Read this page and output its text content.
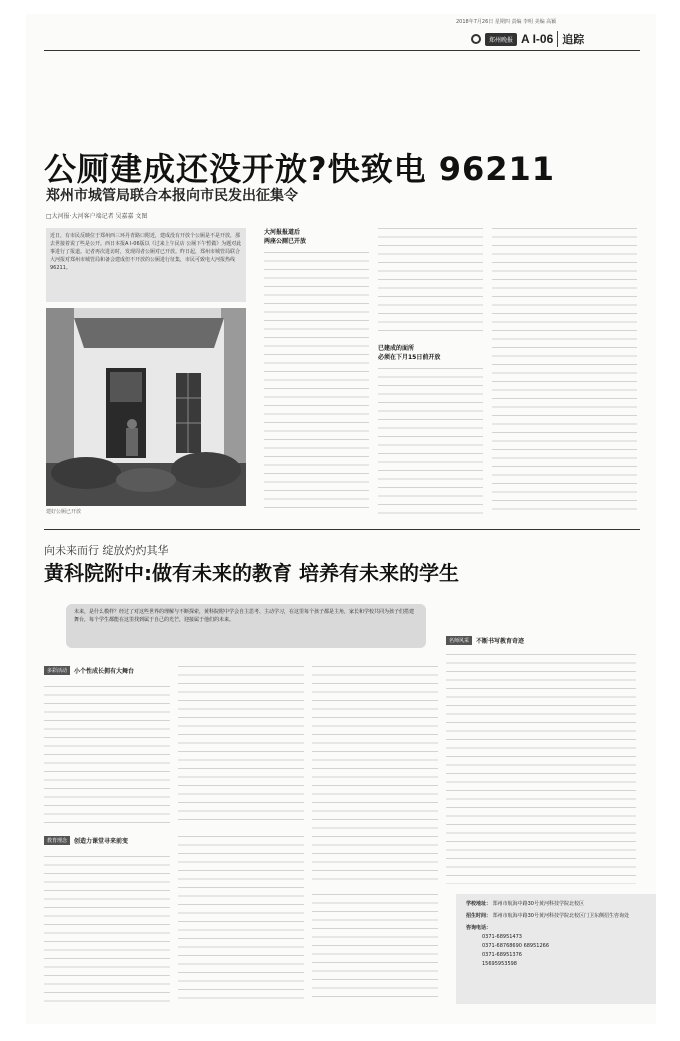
2018年7月26日 星期四 责编 李明 美编 高颖
郑州晚报 A I-06 追踪
公厕建成还没开放?快致电 96211
郑州市城管局联合本报向市民发出征集令
□大河报·大河客户端记者 吴嘉嘉 文图
近日，有市民反映位于郑州西三环丹青路口附近，建成没有开放个公厕是不是开放，那去世接着说了些是公开。西日本报A I-06版以《过来上午民店 公厕下午暂做》为题对此事进行了报道。记者再次进访时，发现周者公厕对已开放。昨日起，郑州市城管局联合大河报对郑州市城管局和备会建成但不开放的公厕进行征集，市民可致电大河报热线96211。
建好公厕已开放
大河报报道后
两座公厕已开放
已建成的面所
必须在下月15日前开放
向未来而行 绽放灼灼其华
黄科院附中:做有未来的教育 培养有未来的学生
未来，是什么模样？经过了对这些世界的理解与不断探索，黄科院附中学会自主思考、主动学习，在这里每个孩子都是主角，家长和学校共同为孩子们搭建舞台，每个学生都能在这里找到属于自己的光芒，迎接属于他们的未来。
名师风采	不断书写教育奇迹
多彩活动	小个性成长拥有大舞台
教育理念	创造力课堂寻来前变
学校地址： 郑州市航海中路30号黄河科技学院北校区
招生时间： 郑州市航海中路30号黄河科技学院北校区门卫东侧招生咨询处
咨询电话：
0371-68951473
0371-68768690 68951266
0371-68951376
15695953598
